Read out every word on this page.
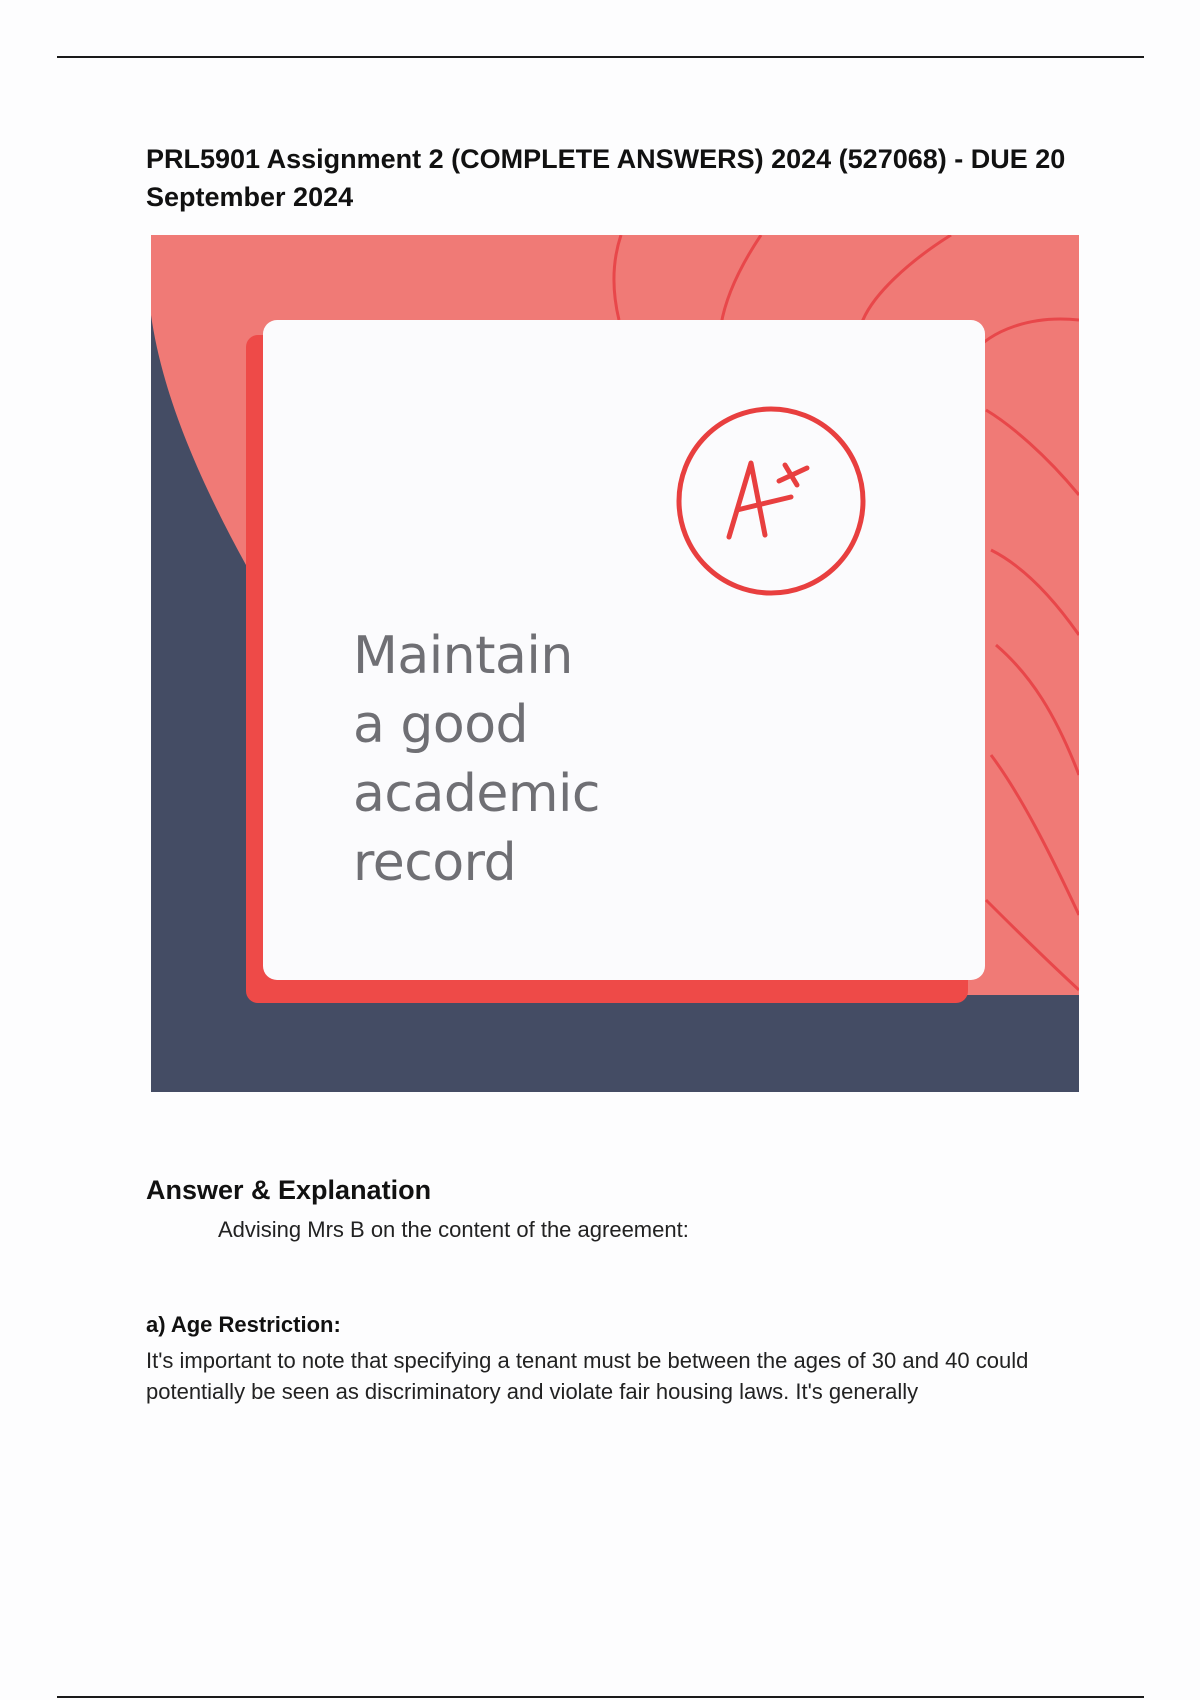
PRL5901 Assignment 2 (COMPLETE ANSWERS) 2024 (527068) - DUE 20 September 2024
Maintain
a good
academic
record
Answer & Explanation

Advising Mrs B on the content of the agreement:

a) Age Restriction:

It's important to note that specifying a tenant must be between the ages of 30 and 40 could potentially be seen as discriminatory and violate fair housing laws. It's generally
